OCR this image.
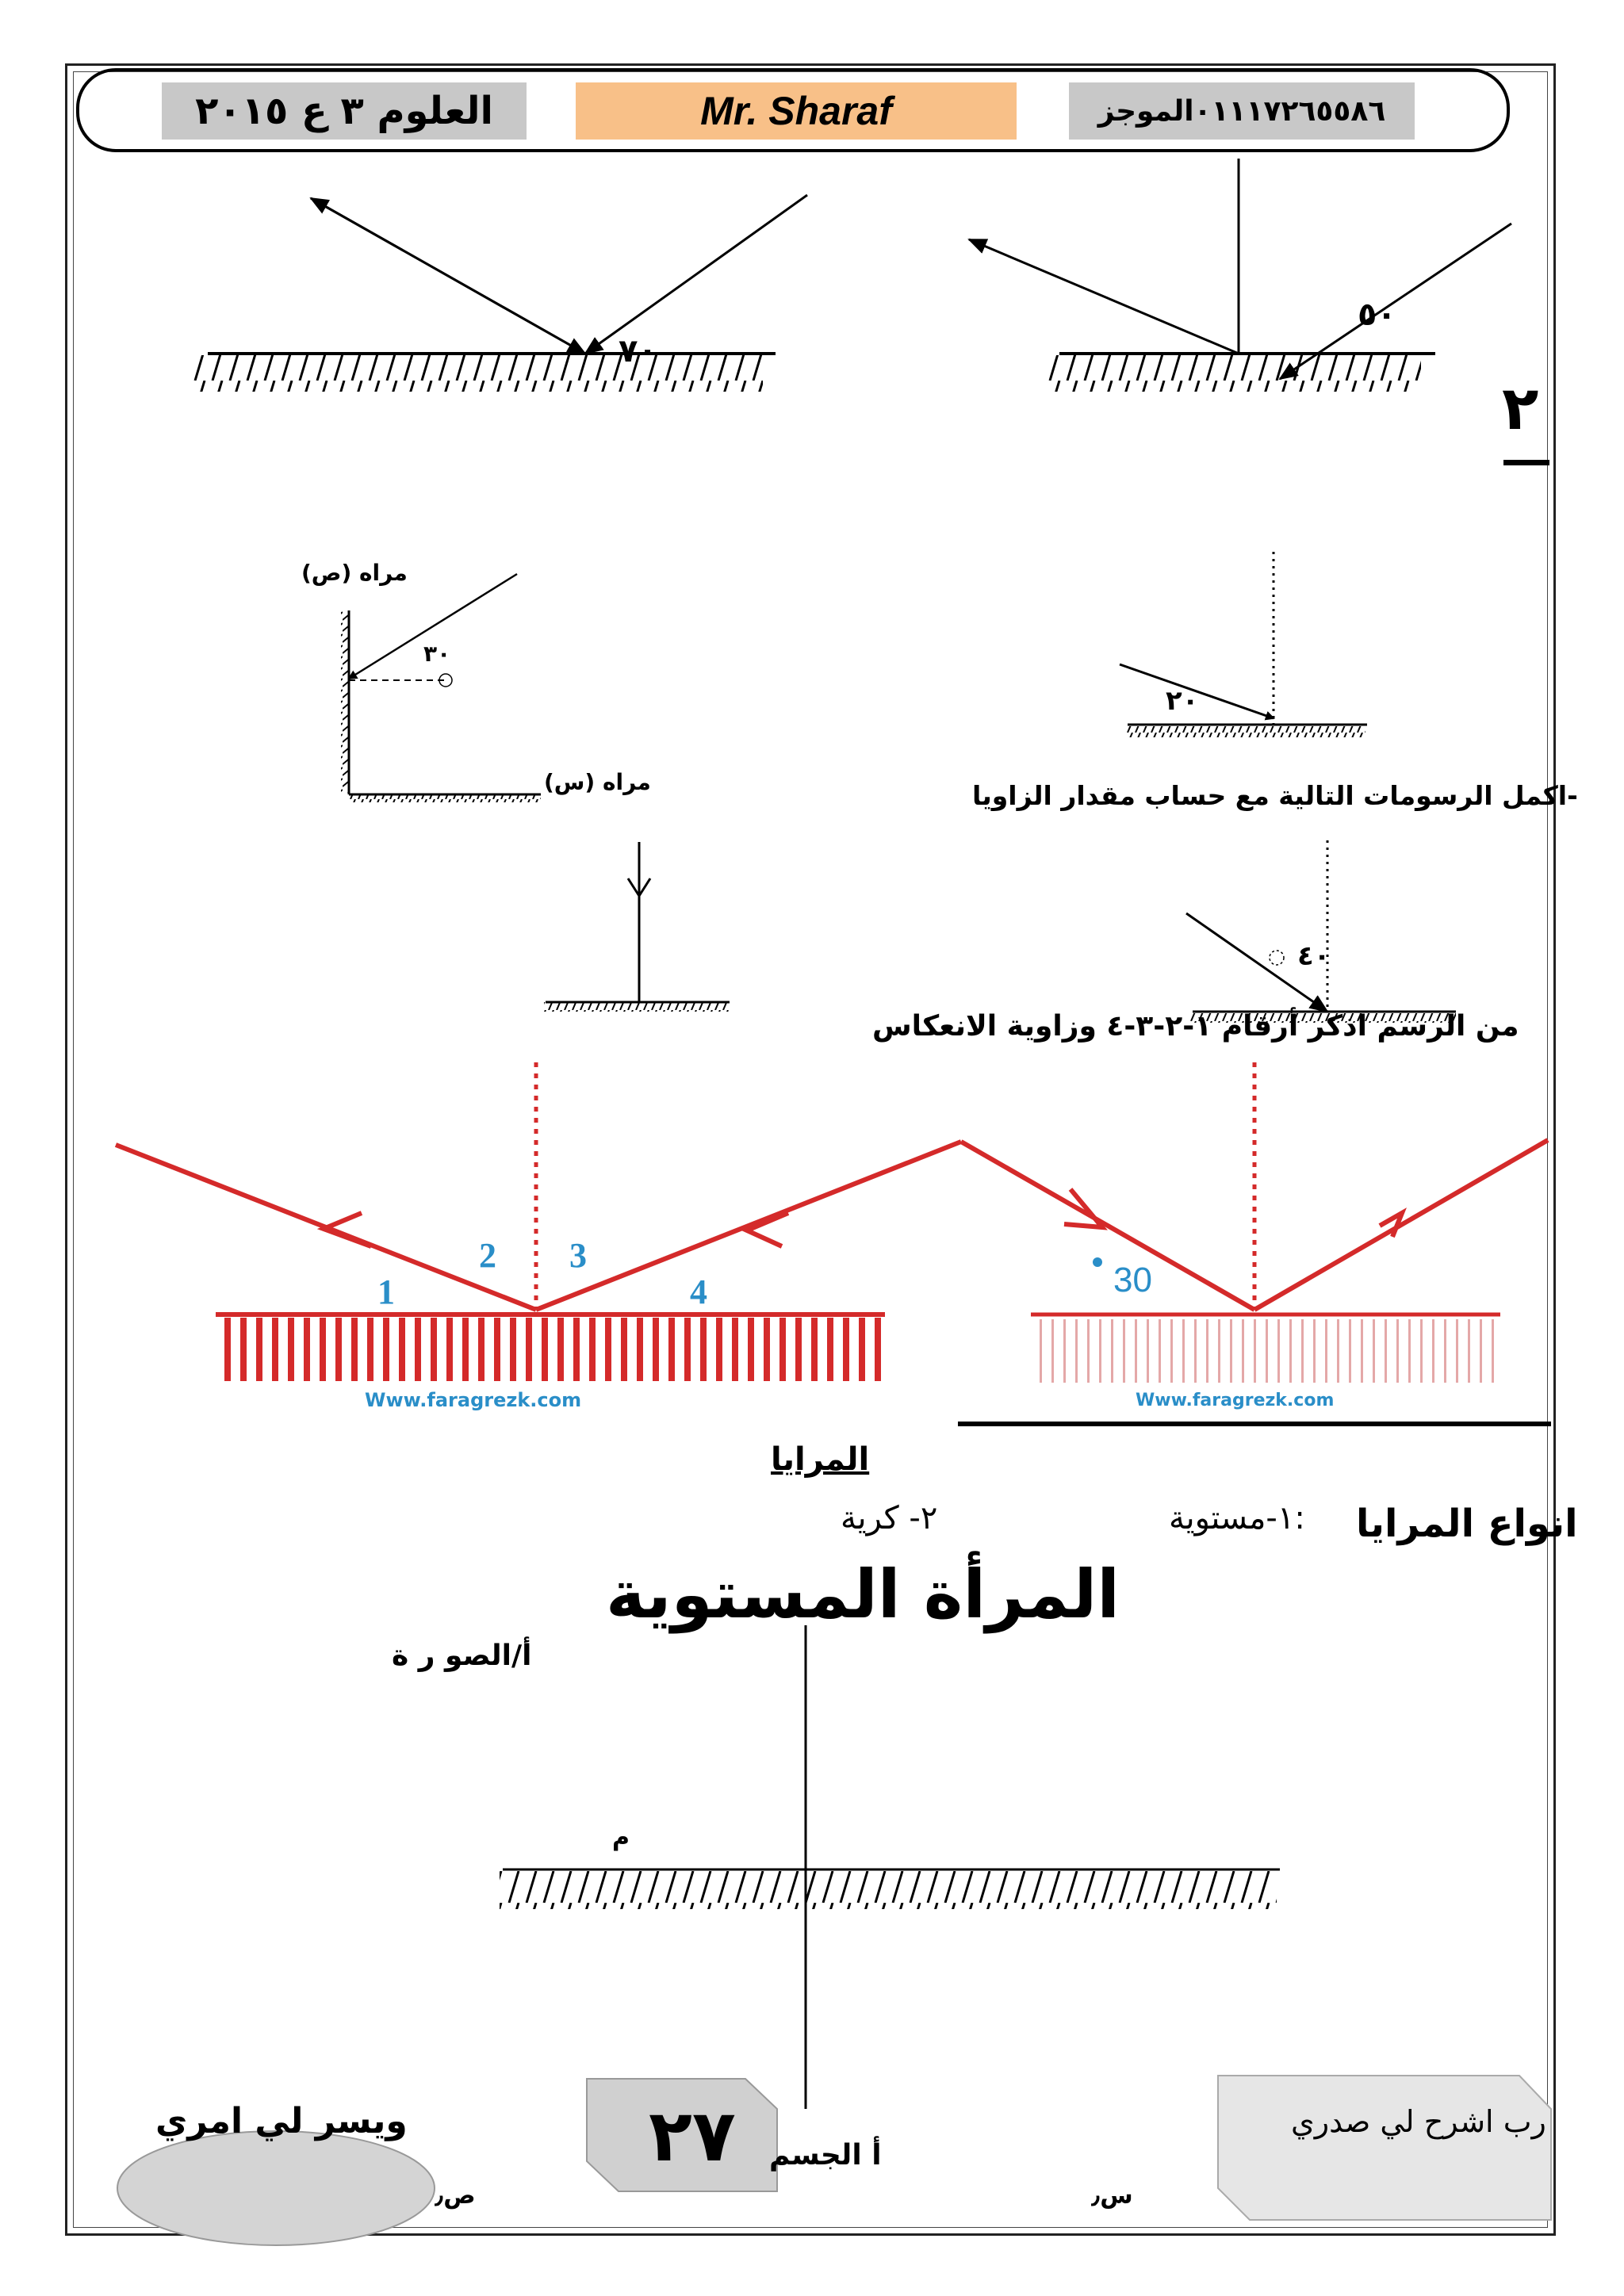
العلوم ٣ ع ٢٠١٥	Mr. Sharaf	٠١١١٧٢٦٥٥٨٦الموجز
٢
٥٠
٧٠
٢٠
٣٠
٤٠
مراه (ص)
مراه (س)	-اكمل الرسومات التالية مع حساب مقدار الزاويا
من الرسم اذكر أرقام ١-٢-٣-٤ وزاوية الانعكاس
1
2 3
4	30
Www.faragrezk.com	Www.faragrezk.com
المرايا
انواع المرايا
:١-مستوية
٢- كرية
المرأة المستوية
أ/الصو ر ة
م
أ الجسم
س٫
ص٫
٢٧	رب اشرح لي صدري
ويسر لي امري
